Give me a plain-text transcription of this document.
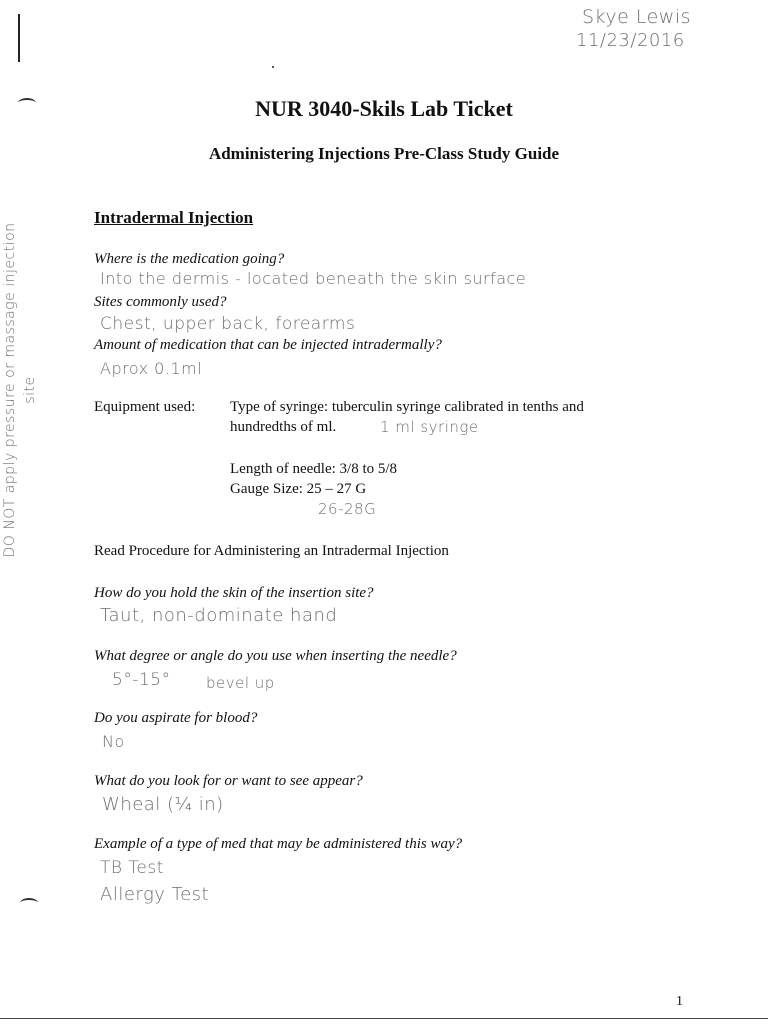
Skye Lewis
11/23/2016
NUR 3040-Skils Lab Ticket
Administering Injections Pre-Class Study Guide
Intradermal Injection
DO NOT apply pressure or massage injection site
Where is the medication going?
Into the dermis - located beneath the skin surface
Sites commonly used?
Chest, upper back, forearms
Amount of medication that can be injected intradermally?
Aprox 0.1ml
Equipment used: Type of syringe: tuberculin syringe calibrated in tenths and
hundredths of ml.	1 ml syringe
Length of needle: 3/8 to 5/8
Gauge Size: 25 – 27 G
26-28G
Read Procedure for Administering an Intradermal Injection
How do you hold the skin of the insertion site?
Taut, non-dominate hand
What degree or angle do you use when inserting the needle?
5°-15° bevel up
Do you aspirate for blood?
No
What do you look for or want to see appear?
Wheal (¼ in)
Example of a type of med that may be administered this way?
TB Test
Allergy Test
1
